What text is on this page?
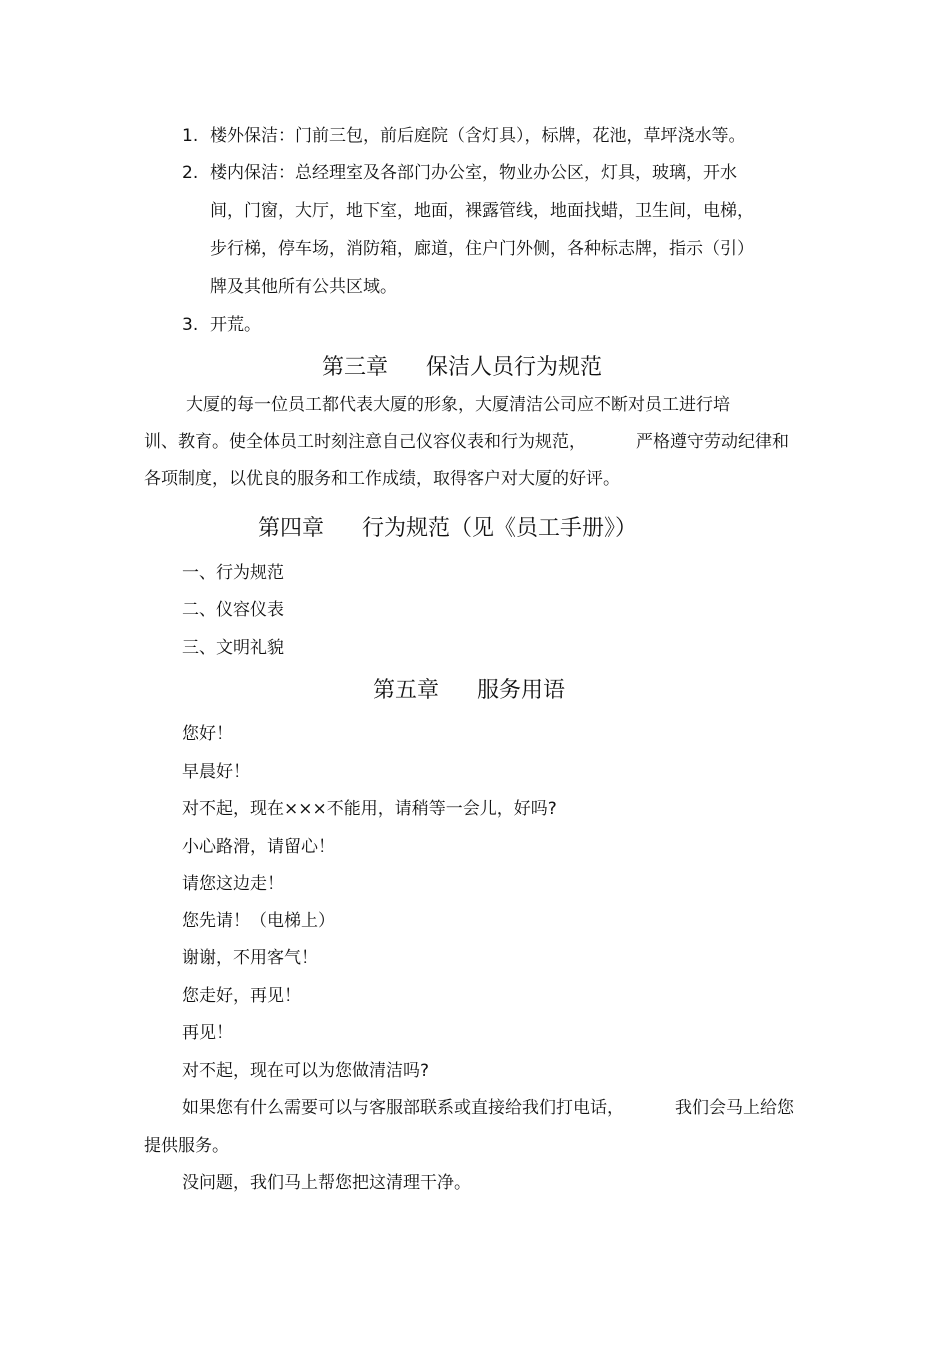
1. 楼外保洁：门前三包，前后庭院（含灯具），标牌，花池，草坪浇水等。
2. 楼内保洁：总经理室及各部门办公室，物业办公区，灯具，玻璃，开水
间，门窗，大厅，地下室，地面，裸露管线，地面找蜡，卫生间，电梯，
步行梯，停车场，消防箱，廊道，住户门外侧，各种标志牌，指示（引）
牌及其他所有公共区域。
3. 开荒。
第三章 保洁人员行为规范
大厦的每一位员工都代表大厦的形象，大厦清洁公司应不断对员工进行培
训、教育。使全体员工时刻注意自己仪容仪表和行为规范，	严格遵守劳动纪律和
各项制度，以优良的服务和工作成绩，取得客户对大厦的好评。
第四章 行为规范（见《员工手册》）
一、行为规范
二、仪容仪表
三、文明礼貌
第五章 服务用语
您好！
早晨好！
对不起，现在×××不能用，请稍等一会儿，好吗?
小心路滑，请留心！
请您这边走！
您先请！（电梯上）
谢谢，不用客气！
您走好，再见！
再见！
对不起，现在可以为您做清洁吗?
如果您有什么需要可以与客服部联系或直接给我们打电话，	我们会马上给您
提供服务。
没问题，我们马上帮您把这清理干净。
